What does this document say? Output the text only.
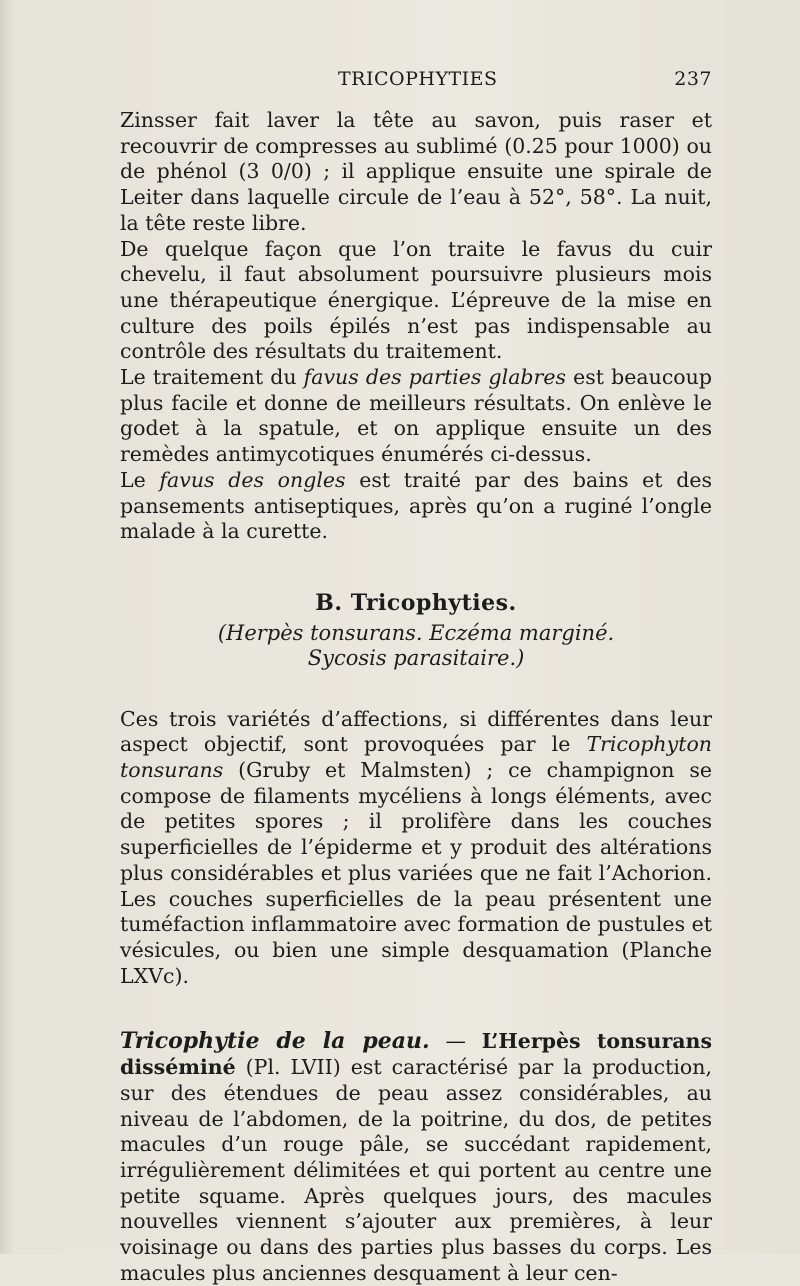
TRICOPHYTIES	237

Zinsser fait laver la tête au savon, puis raser et recouvrir de compresses au sublimé (0.25 pour 1000) ou de phénol (3 0/0) ; il applique ensuite une spirale de Leiter dans laquelle circule de l’eau à 52°, 58°. La nuit, la tête reste libre.

De quelque façon que l’on traite le favus du cuir chevelu, il faut absolument poursuivre plusieurs mois une thérapeutique énergique. L’épreuve de la mise en culture des poils épilés n’est pas indispensable au contrôle des résultats du traitement.

Le traitement du favus des parties glabres est beaucoup plus facile et donne de meilleurs résultats. On enlève le godet à la spatule, et on applique ensuite un des remèdes antimycotiques énumérés ci-dessus.

Le favus des ongles est traité par des bains et des pansements antiseptiques, après qu’on a ruginé l’ongle malade à la curette.

B. Tricophyties.
(Herpès tonsurans. Eczéma marginé.
Sycosis parasitaire.)

Ces trois variétés d’affections, si différentes dans leur aspect objectif, sont provoquées par le Tricophyton tonsurans (Gruby et Malmsten) ; ce champignon se compose de filaments mycéliens à longs éléments, avec de petites spores ; il prolifère dans les couches superficielles de l’épiderme et y produit des altérations plus considérables et plus variées que ne fait l’Achorion. Les couches superficielles de la peau présentent une tuméfaction inflammatoire avec formation de pustules et vésicules, ou bien une simple desquamation (Planche LXVc).

Tricophytie de la peau. — L’Herpès tonsurans disséminé (Pl. LVII) est caractérisé par la production, sur des étendues de peau assez considérables, au niveau de l’abdomen, de la poitrine, du dos, de petites macules d’un rouge pâle, se succédant rapidement, irrégulièrement délimitées et qui portent au centre une petite squame. Après quelques jours, des macules nouvelles viennent s’ajouter aux premières, à leur voisinage ou dans des parties plus basses du corps. Les macules plus anciennes desquament à leur cen-
